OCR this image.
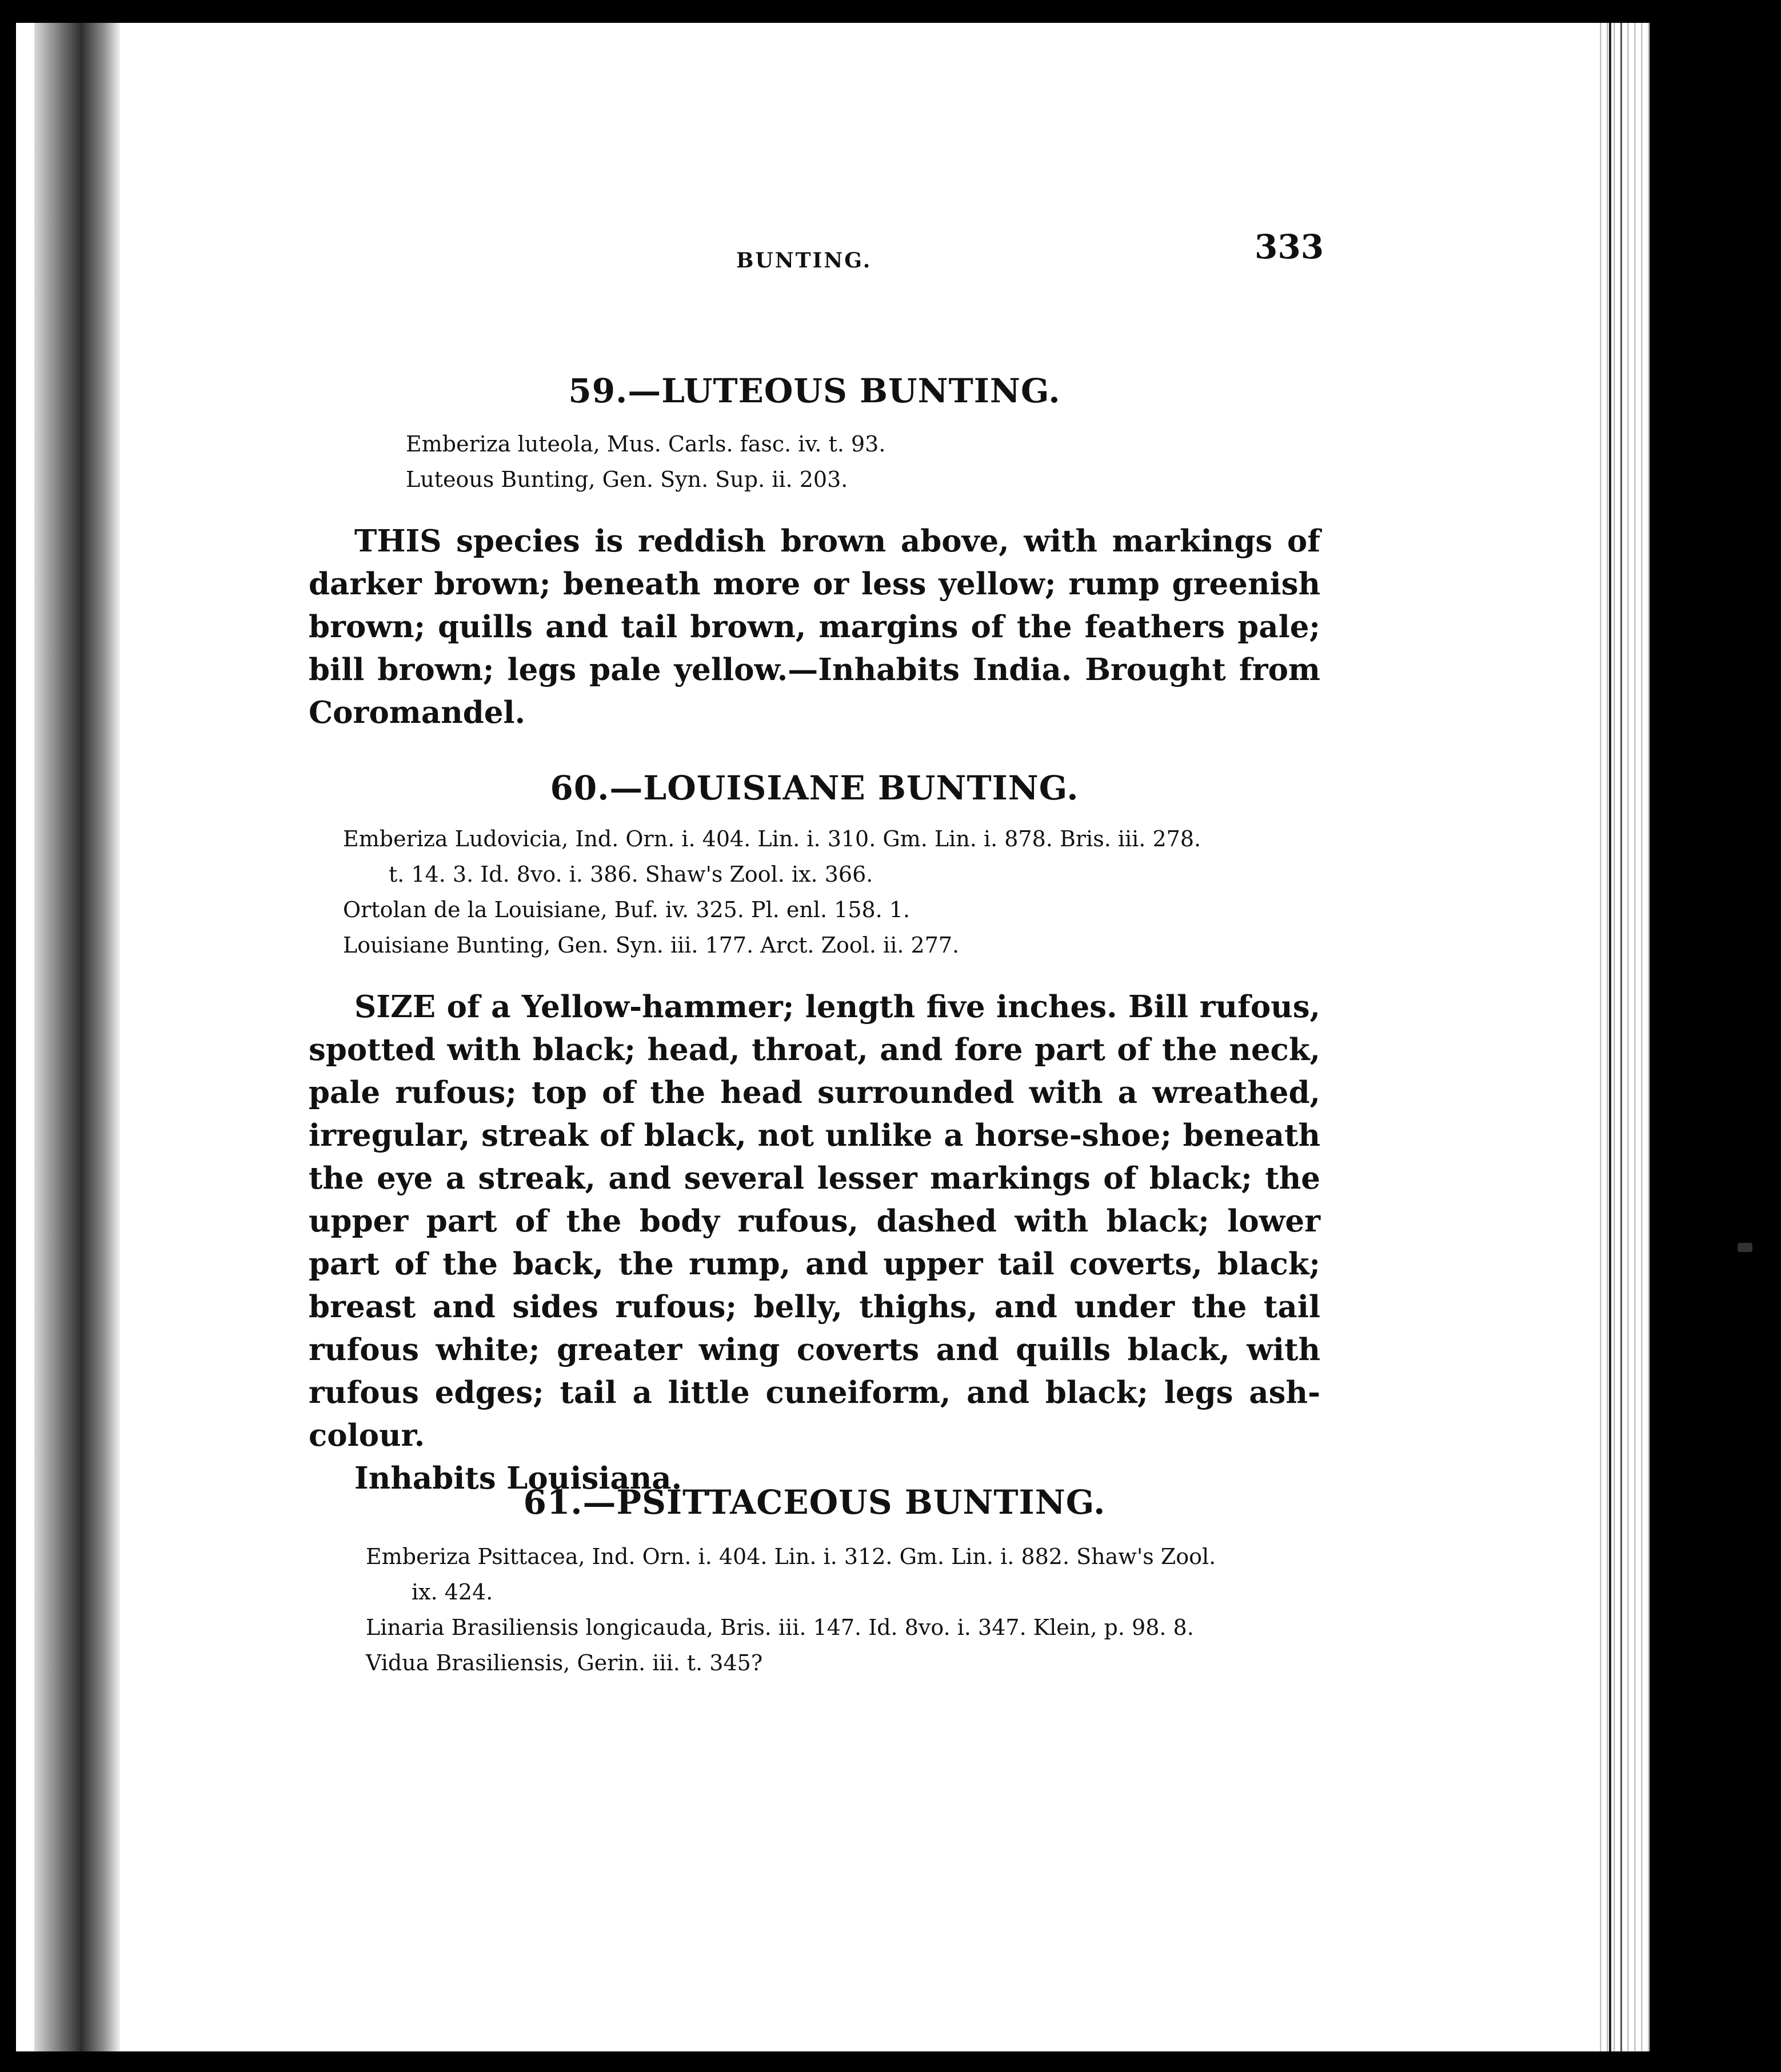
BUNTING.	333
59.—LUTEOUS BUNTING.

Emberiza luteola, Mus. Carls. fasc. iv. t. 93.

Luteous Bunting, Gen. Syn. Sup. ii. 203.

THIS species is reddish brown above, with markings of darker brown; beneath more or less yellow; rump greenish brown; quills and tail brown, margins of the feathers pale; bill brown; legs pale yellow.—Inhabits India. Brought from Coromandel.

60.—LOUISIANE BUNTING.

Emberiza Ludovicia, Ind. Orn. i. 404. Lin. i. 310. Gm. Lin. i. 878. Bris. iii. 278.

t. 14. 3. Id. 8vo. i. 386. Shaw's Zool. ix. 366.

Ortolan de la Louisiane, Buf. iv. 325. Pl. enl. 158. 1.

Louisiane Bunting, Gen. Syn. iii. 177. Arct. Zool. ii. 277.

SIZE of a Yellow-hammer; length five inches. Bill rufous, spotted with black; head, throat, and fore part of the neck, pale rufous; top of the head surrounded with a wreathed, irregular, streak of black, not unlike a horse-shoe; beneath the eye a streak, and several lesser markings of black; the upper part of the body rufous, dashed with black; lower part of the back, the rump, and upper tail coverts, black; breast and sides rufous; belly, thighs, and under the tail rufous white; greater wing coverts and quills black, with rufous edges; tail a little cuneiform, and black; legs ash-colour.

Inhabits Louisiana.

61.—PSITTACEOUS BUNTING.

Emberiza Psittacea, Ind. Orn. i. 404. Lin. i. 312. Gm. Lin. i. 882. Shaw's Zool.

ix. 424.

Linaria Brasiliensis longicauda, Bris. iii. 147. Id. 8vo. i. 347. Klein, p. 98. 8.

Vidua Brasiliensis, Gerin. iii. t. 345?
